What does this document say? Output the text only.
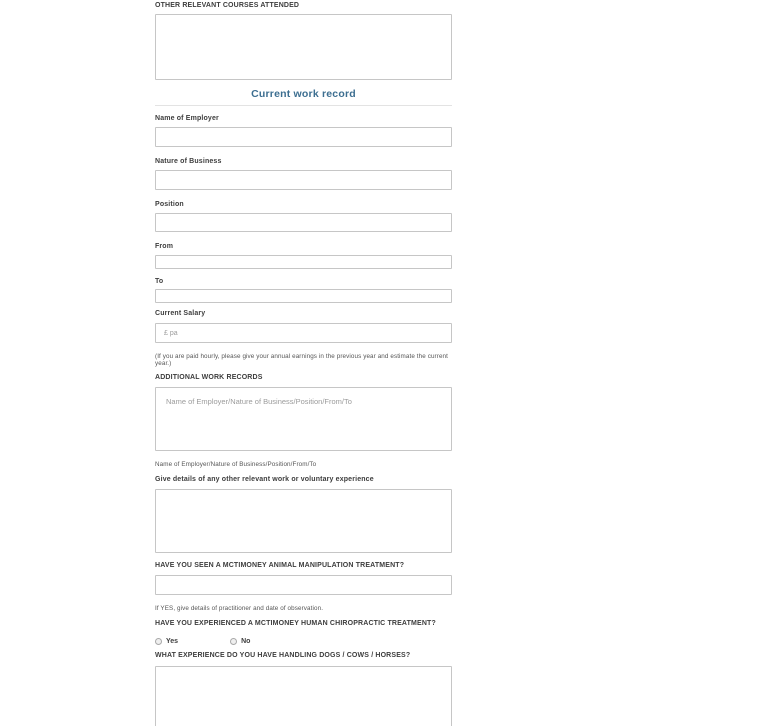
OTHER RELEVANT COURSES ATTENDED
Current work record
Name of Employer
Nature of Business
Position
From
To
Current Salary
£ pa
(If you are paid hourly, please give your annual earnings in the previous year and estimate the current year.)
ADDITIONAL WORK RECORDS
Name of Employer/Nature of Business/Position/From/To
Name of Employer/Nature of Business/Position/From/To
Give details of any other relevant work or voluntary experience
HAVE YOU SEEN A MCTIMONEY ANIMAL MANIPULATION TREATMENT?
If YES, give details of practitioner and date of observation.
HAVE YOU EXPERIENCED A MCTIMONEY HUMAN CHIROPRACTIC TREATMENT?
Yes	No
WHAT EXPERIENCE DO YOU HAVE HANDLING DOGS / COWS / HORSES?
